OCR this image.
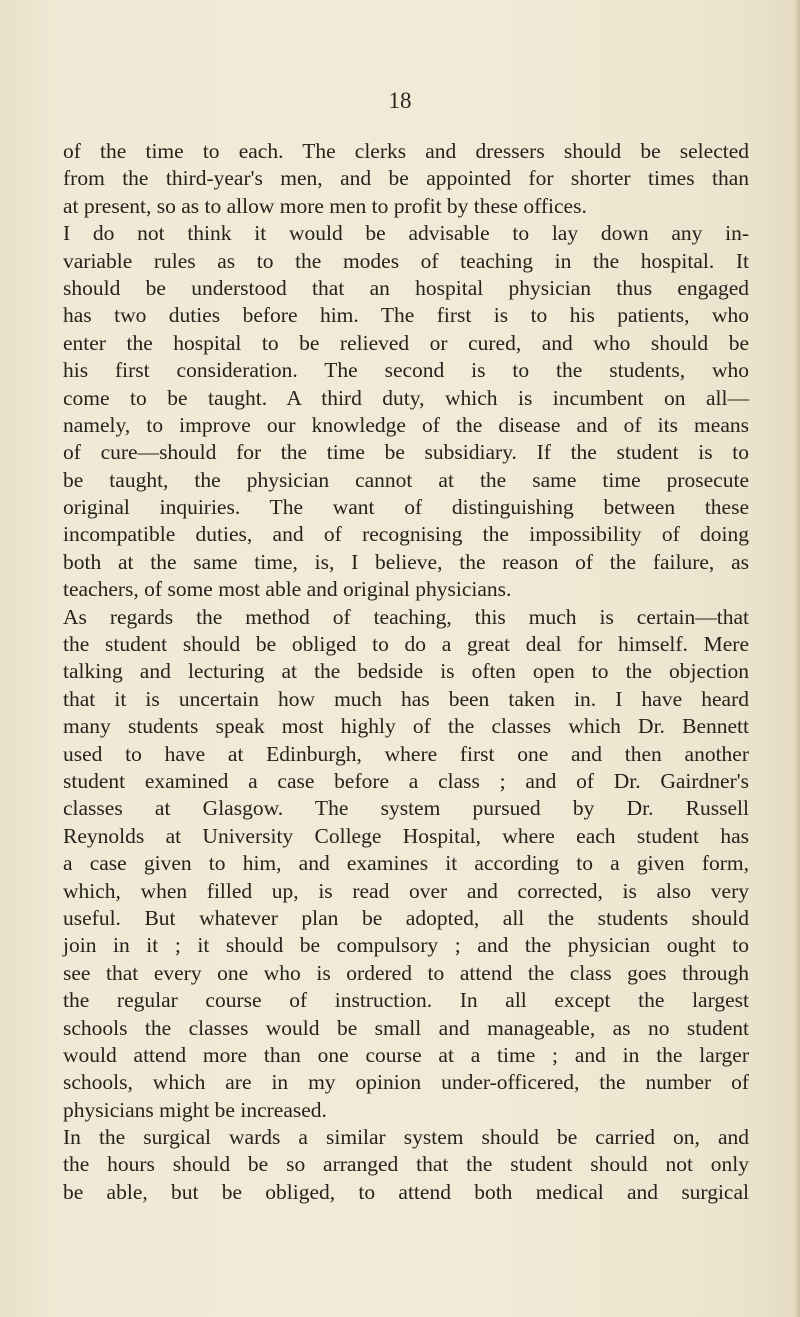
18
of the time to each. The clerks and dressers should be selected
from the third-year's men, and be appointed for shorter times than
at present, so as to allow more men to profit by these offices.
I do not think it would be advisable to lay down any in-
variable rules as to the modes of teaching in the hospital. It
should be understood that an hospital physician thus engaged
has two duties before him. The first is to his patients, who
enter the hospital to be relieved or cured, and who should be
his first consideration. The second is to the students, who
come to be taught. A third duty, which is incumbent on all—
namely, to improve our knowledge of the disease and of its means
of cure—should for the time be subsidiary. If the student is to
be taught, the physician cannot at the same time prosecute
original inquiries. The want of distinguishing between these
incompatible duties, and of recognising the impossibility of doing
both at the same time, is, I believe, the reason of the failure, as
teachers, of some most able and original physicians.
As regards the method of teaching, this much is certain—that
the student should be obliged to do a great deal for himself. Mere
talking and lecturing at the bedside is often open to the objection
that it is uncertain how much has been taken in. I have heard
many students speak most highly of the classes which Dr. Bennett
used to have at Edinburgh, where first one and then another
student examined a case before a class ; and of Dr. Gairdner's
classes at Glasgow. The system pursued by Dr. Russell
Reynolds at University College Hospital, where each student has
a case given to him, and examines it according to a given form,
which, when filled up, is read over and corrected, is also very
useful. But whatever plan be adopted, all the students should
join in it ; it should be compulsory ; and the physician ought to
see that every one who is ordered to attend the class goes through
the regular course of instruction. In all except the largest
schools the classes would be small and manageable, as no student
would attend more than one course at a time ; and in the larger
schools, which are in my opinion under-officered, the number of
physicians might be increased.
In the surgical wards a similar system should be carried on, and
the hours should be so arranged that the student should not only
be able, but be obliged, to attend both medical and surgical
